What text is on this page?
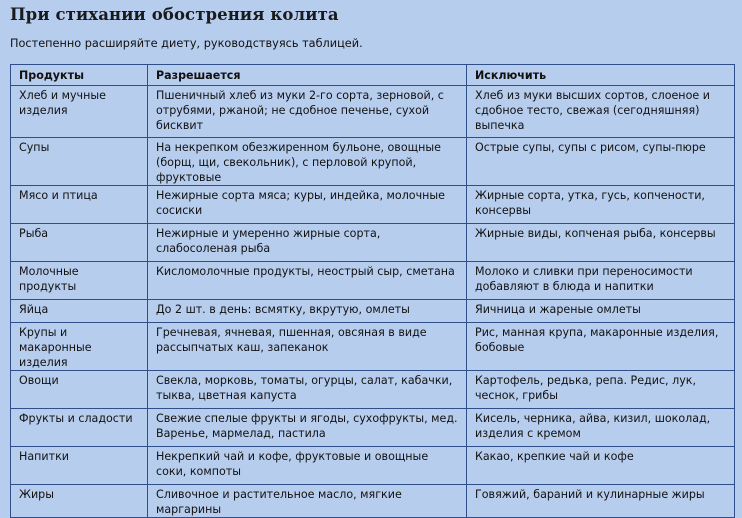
При стихании обострения колита
Постепенно расширяйте диету, руководствуясь таблицей.
Продукты	Разрешается	Исключить
Хлеб и мучные изделия	Пшеничный хлеб из муки 2-го сорта, зерновой, с отрубями, ржаной; не сдобное печенье, сухой бисквит	Хлеб из муки высших сортов, слоеное и сдобное тесто, свежая (сегодняшняя) выпечка
Супы	На некрепком обезжиренном бульоне, овощные (борщ, щи, свекольник), с перловой крупой, фруктовые	Острые супы, супы с рисом, супы-пюре
Мясо и птица	Нежирные сорта мяса; куры, индейка, молочные сосиски	Жирные сорта, утка, гусь, копчености, консервы
Рыба	Нежирные и умеренно жирные сорта, слабосоленая рыба	Жирные виды, копченая рыба, консервы
Молочные продукты	Кисломолочные продукты, неострый сыр, сметана	Молоко и сливки при переносимости добавляют в блюда и напитки
Яйца	До 2 шт. в день: всмятку, вкрутую, омлеты	Яичница и жареные омлеты
Крупы и макаронные изделия	Гречневая, ячневая, пшенная, овсяная в виде рассыпчатых каш, запеканок	Рис, манная крупа, макаронные изделия, бобовые
Овощи	Свекла, морковь, томаты, огурцы, салат, кабачки, тыква, цветная капуста	Картофель, редька, репа. Редис, лук, чеснок, грибы
Фрукты и сладости	Свежие спелые фрукты и ягоды, сухофрукты, мед. Варенье, мармелад, пастила	Кисель, черника, айва, кизил, шоколад, изделия с кремом
Напитки	Некрепкий чай и кофе, фруктовые и овощные соки, компоты	Какао, крепкие чай и кофе
Жиры	Сливочное и растительное масло, мягкие маргарины	Говяжий, бараний и кулинарные жиры
